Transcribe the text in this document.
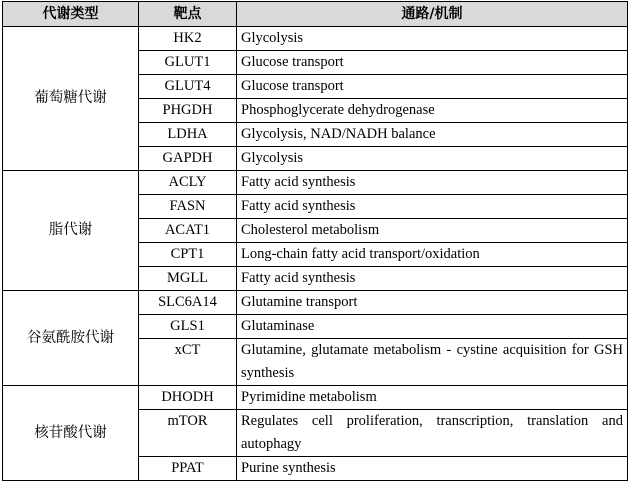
代谢类型	靶点	通路/机制
葡萄糖代谢	HK2	Glycolysis
	GLUT1	Glucose transport
	GLUT4	Glucose transport
	PHGDH	Phosphoglycerate dehydrogenase
	LDHA	Glycolysis, NAD/NADH balance
	GAPDH	Glycolysis
脂代谢	ACLY	Fatty acid synthesis
	FASN	Fatty acid synthesis
	ACAT1	Cholesterol metabolism
	CPT1	Long-chain fatty acid transport/oxidation
	MGLL	Fatty acid synthesis
谷氨酰胺代谢	SLC6A14	Glutamine transport
	GLS1	Glutaminase
	xCT	Glutamine, glutamate metabolism - cystine acquisition for GSH synthesis
核苷酸代谢	DHODH	Pyrimidine metabolism
	mTOR	Regulates cell proliferation, transcription, translation and autophagy
	PPAT	Purine synthesis
